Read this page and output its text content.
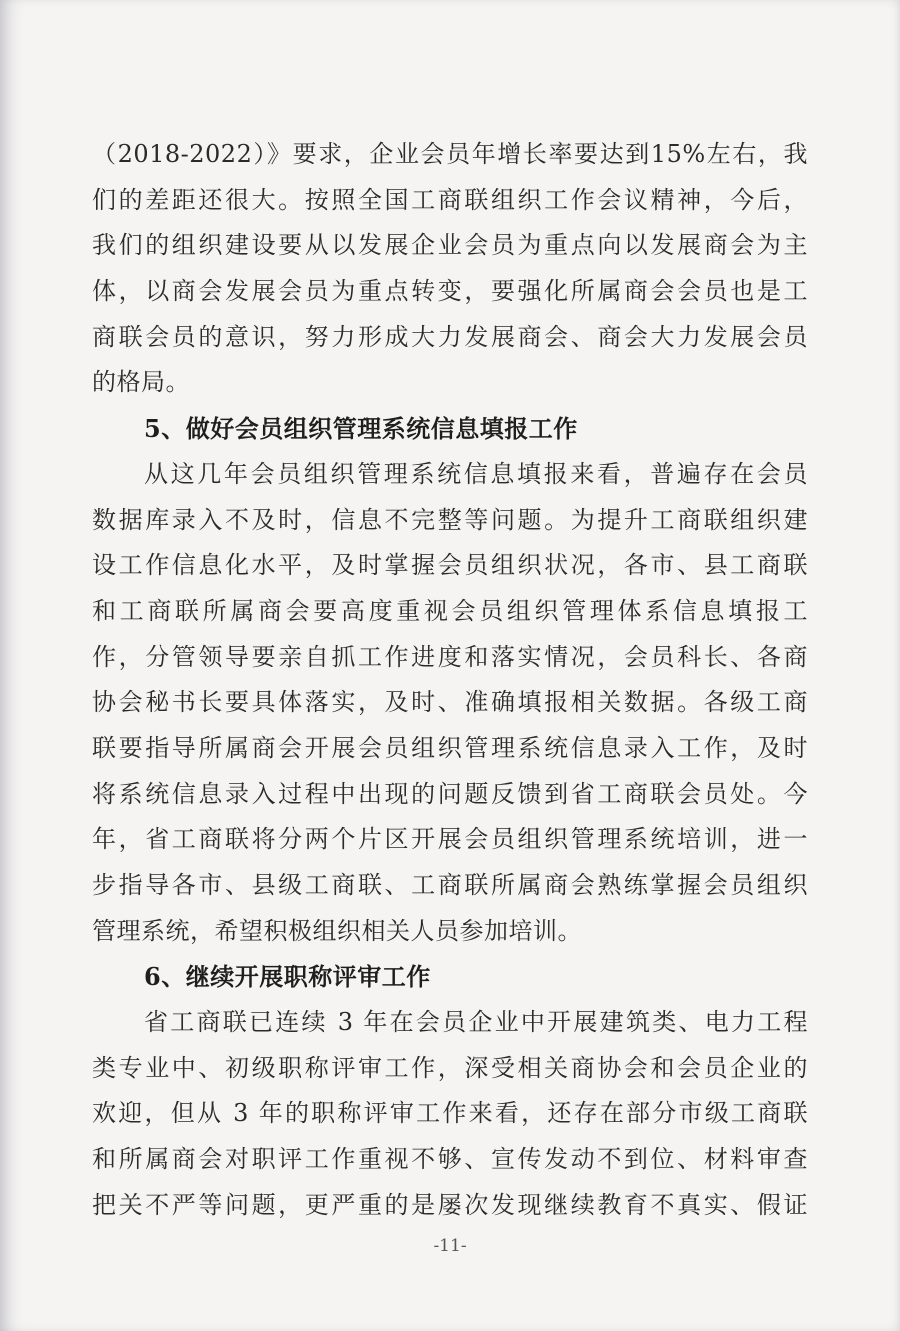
（2018-2022）》要求，企业会员年增长率要达到15%左右，我
们的差距还很大。按照全国工商联组织工作会议精神，今后，
我们的组织建设要从以发展企业会员为重点向以发展商会为主
体，以商会发展会员为重点转变，要强化所属商会会员也是工
商联会员的意识，努力形成大力发展商会、商会大力发展会员
的格局。
5、做好会员组织管理系统信息填报工作
从这几年会员组织管理系统信息填报来看，普遍存在会员
数据库录入不及时，信息不完整等问题。为提升工商联组织建
设工作信息化水平，及时掌握会员组织状况，各市、县工商联
和工商联所属商会要高度重视会员组织管理体系信息填报工
作，分管领导要亲自抓工作进度和落实情况，会员科长、各商
协会秘书长要具体落实，及时、准确填报相关数据。各级工商
联要指导所属商会开展会员组织管理系统信息录入工作，及时
将系统信息录入过程中出现的问题反馈到省工商联会员处。今
年，省工商联将分两个片区开展会员组织管理系统培训，进一
步指导各市、县级工商联、工商联所属商会熟练掌握会员组织
管理系统，希望积极组织相关人员参加培训。
6、继续开展职称评审工作
省工商联已连续 3 年在会员企业中开展建筑类、电力工程
类专业中、初级职称评审工作，深受相关商协会和会员企业的
欢迎，但从 3 年的职称评审工作来看，还存在部分市级工商联
和所属商会对职评工作重视不够、宣传发动不到位、材料审查
把关不严等问题，更严重的是屡次发现继续教育不真实、假证
-11-
